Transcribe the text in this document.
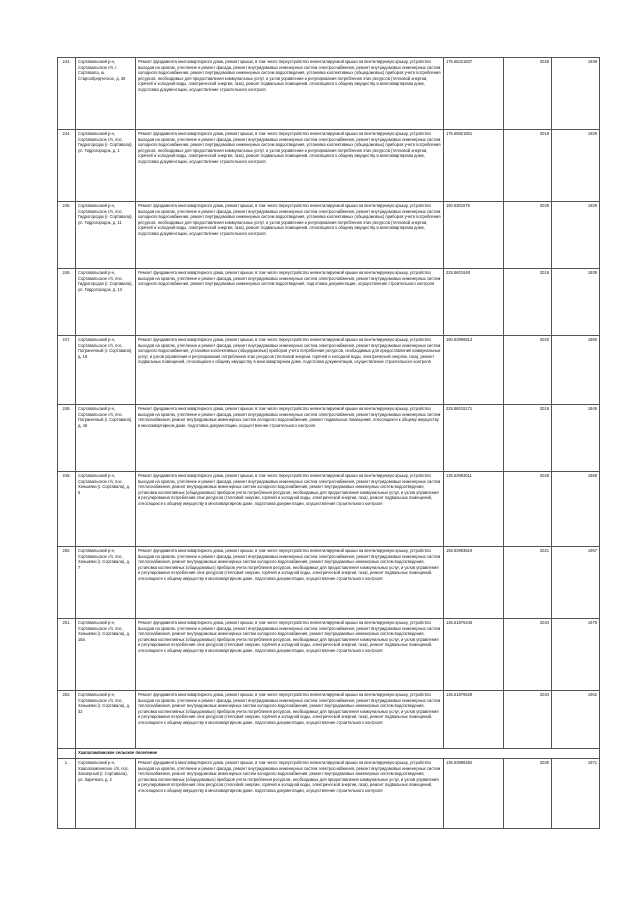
243.	Сортавальский р-н, Сортавальское г/п, г. Сортавала, ш. Старообрядческое, д. 36	Ремонт фундамента многоквартирного дома, ремонт крыши, в том числе переустройство невентилируемой крыши на вентилируемую крышу, устройство выходов на кровлю, утепление и ремонт фасада, ремонт внутридомовых инженерных систем электроснабжения, ремонт внутридомовых инженерных систем холодного водоснабжения, ремонт внутридомовых инженерных систем водоотведения, установка коллективных (общедомовых) приборов учета потребления ресурсов, необходимых для предоставления коммунальных услуг, и узлов управления и регулирования потребления этих ресурсов (тепловой энергии, горячей и холодной воды, электрической энергии, газа), ремонт подвальных помещений, относящихся к общему имуществу в многоквартирном доме, подготовка документации, осуществление строительного контроля	175.55421837	2028	1939
244.	Сортавальский р-н, Сортавальское г/п, пос. Гидрогородок (г. Сортавала), ул. Гидрогородок, д. 1	Ремонт фундамента многоквартирного дома, ремонт крыши, в том числе переустройство невентилируемой крыши на вентилируемую крышу, устройство выходов на кровлю, утепление и ремонт фасада, ремонт внутридомовых инженерных систем электроснабжения, ремонт внутридомовых инженерных систем холодного водоснабжения, ремонт внутридомовых инженерных систем водоотведения, установка коллективных (общедомовых) приборов учета потребления ресурсов, необходимых для предоставления коммунальных услуг, и узлов управления и регулирования потребления этих ресурсов (тепловой энергии, горячей и холодной воды, электрической энергии, газа), ремонт подвальных помещений, относящихся к общему имуществу в многоквартирном доме, подготовка документации, осуществление строительного контроля	175.55921801	2018	1939
245.	Сортавальский р-н, Сортавальское г/п, пос. Гидрогородок (г. Сортавала), ул. Гидрогородок, д. 11	Ремонт фундамента многоквартирного дома, ремонт крыши, в том числе переустройство невентилируемой крыши на вентилируемую крышу, устройство выходов на кровлю, утепление и ремонт фасада, ремонт внутридомовых инженерных систем электроснабжения, ремонт внутридомовых инженерных систем холодного водоснабжения, ремонт внутридомовых инженерных систем водоотведения, установка коллективных (общедомовых) приборов учета потребления ресурсов, необходимых для предоставления коммунальных услуг, и узлов управления и регулирования потребления этих ресурсов (тепловой энергии, горячей и холодной воды, электрической энергии, газа), ремонт подвальных помещений, относящихся к общему имуществу в многоквартирном доме, подготовка документации, осуществление строительного контроля	150.5301875	2028	1939
246.	Сортавальский р-н, Сортавальское г/п, пос. Гидрогородок (г. Сортавала), ул. Гидрогородок, д. 13	Ремонт фундамента многоквартирного дома, ремонт крыши, в том числе переустройство невентилируемой крыши на вентилируемую крышу, устройство выходов на кровлю, утепление и ремонт фасада, ремонт внутридомовых инженерных систем электроснабжения, ремонт внутридомовых инженерных систем холодного водоснабжения, ремонт внутридомовых инженерных систем водоотведения, подготовка документации, осуществление строительного контроля	225.5601648	2018	1939
247.	Сортавальский р-н, Сортавальское г/п, пос. Пограничный (г. Сортавала), д. 18	Ремонт фундамента многоквартирного дома, ремонт крыши, в том числе переустройство невентилируемой крыши на вентилируемую крышу, устройство выходов на кровлю, утепление и ремонт фасада, ремонт внутридомовых инженерных систем электроснабжения, ремонт внутридомовых инженерных систем холодного водоснабжения, установка коллективных (общедомовых) приборов учета потребления ресурсов, необходимых для предоставления коммунальных услуг, и узлов управления и регулирования потребления этих ресурсов (тепловой энергии, горячей и холодной воды, электрической энергии, газа), ремонт подвальных помещений, относящихся к общему имуществу в многоквартирном доме, подготовка документации, осуществление строительного контроля	190.53906813	2020	1980
248.	Сортавальский р-н, Сортавальское г/п, пос. Пограничный (г. Сортавала), д. 46	Ремонт фундамента многоквартирного дома, ремонт крыши, в том числе переустройство невентилируемой крыши на вентилируемую крышу, устройство выходов на кровлю, утепление и ремонт фасада, ремонт внутридомовых инженерных систем электроснабжения, ремонт внутридомовых инженерных систем теплоснабжения, ремонт внутридомовых инженерных систем холодного водоснабжения, ремонт подвальных помещений, относящихся к общему имуществу в многоквартирном доме, подготовка документации, осуществление строительного контроля	225.56015171	2018	1945
249.	Сортавальский р-н, Сортавальское г/п, пос. Хеньмяки (г. Сортавала), д. 5	Ремонт фундамента многоквартирного дома, ремонт крыши, в том числе переустройство невентилируемой крыши на вентилируемую крышу, устройство выходов на кровлю, утепление и ремонт фасада, ремонт внутридомовых инженерных систем электроснабжения, ремонт внутридомовых инженерных систем теплоснабжения, ремонт внутридомовых инженерных систем холодного водоснабжения, ремонт внутридомовых инженерных систем водоотведения, установка коллективных (общедомовых) приборов учета потребления ресурсов, необходимых для предоставления коммунальных услуг, и узлов управления и регулирования потребления этих ресурсов (тепловой энергии, горячей и холодной воды, электрической энергии, газа), ремонт подвальных помещений, относящихся к общему имуществу в многоквартирном доме, подготовка документации, осуществление строительного контроля	135.53993011	2028	1968
250.	Сортавальский р-н, Сортавальское г/п, пос. Хеньмяки (г. Сортавала), д. 7	Ремонт фундамента многоквартирного дома, ремонт крыши, в том числе переустройство невентилируемой крыши на вентилируемую крышу, устройство выходов на кровлю, утепление и ремонт фасада, ремонт внутридомовых инженерных систем электроснабжения, ремонт внутридомовых инженерных систем теплоснабжения, ремонт внутридомовых инженерных систем холодного водоснабжения, ремонт внутридомовых инженерных систем водоотведения, установка коллективных (общедомовых) приборов учета потребления ресурсов, необходимых для предоставления коммунальных услуг, и узлов управления и регулирования потребления этих ресурсов (тепловой энергии, горячей и холодной воды, электрической энергии, газа), ремонт подвальных помещений, относящихся к общему имуществу в многоквартирном доме, подготовка документации, осуществление строительного контроля	155.53993819	2021	1957
251.	Сортавальский р-н, Сортавальское г/п, пос. Хеньмяки (г. Сортавала), д. 18а	Ремонт фундамента многоквартирного дома, ремонт крыши, в том числе переустройство невентилируемой крыши на вентилируемую крышу, устройство выходов на кровлю, утепление и ремонт фасада, ремонт внутридомовых инженерных систем электроснабжения, ремонт внутридомовых инженерных систем теплоснабжения, ремонт внутридомовых инженерных систем холодного водоснабжения, ремонт внутридомовых инженерных систем водоотведения, установка коллективных (общедомовых) приборов учета потребления ресурсов, необходимых для предоставления коммунальных услуг, и узлов управления и регулирования потребления этих ресурсов (тепловой энергии, горячей и холодной воды, электрической энергии, газа), ремонт подвальных помещений, относящихся к общему имуществу в многоквартирном доме, подготовка документации, осуществление строительного контроля	135.51876445	2034	1979
252.	Сортавальский р-н, Сортавальское г/п, пос. Хеньмяки (г. Сортавала), д. 32	Ремонт фундамента многоквартирного дома, ремонт крыши, в том числе переустройство невентилируемой крыши на вентилируемую крышу, устройство выходов на кровлю, утепление и ремонт фасада, ремонт внутридомовых инженерных систем электроснабжения, ремонт внутридомовых инженерных систем теплоснабжения, ремонт внутридомовых инженерных систем холодного водоснабжения, ремонт внутридомовых инженерных систем водоотведения, установка коллективных (общедомовых) приборов учета потребления ресурсов, необходимых для предоставления коммунальных услуг, и узлов управления и регулирования потребления этих ресурсов (тепловой энергии, горячей и холодной воды, электрической энергии, газа), ремонт подвальных помещений, относящихся к общему имуществу в многоквартирном доме, подготовка документации, осуществление строительного контроля	135.51876628	2034	1962
	Хаапалампинское сельское поселение				
1.	Сортавальский р-н, Хаапалампинское с/п, пос. Заозерный (г. Сортавала), ул. Заречная, д. 2	Ремонт фундамента многоквартирного дома, ремонт крыши, в том числе переустройство невентилируемой крыши на вентилируемую крышу, устройство выходов на кровлю, утепление и ремонт фасада, ремонт внутридомовых инженерных систем электроснабжения, ремонт внутридомовых инженерных систем теплоснабжения, ремонт внутридомовых инженерных систем холодного водоснабжения, ремонт внутридомовых инженерных систем водоотведения, установка коллективных (общедомовых) приборов учета потребления ресурсов, необходимых для предоставления коммунальных услуг, и узлов управления и регулирования потребления этих ресурсов (тепловой энергии, горячей и холодной воды, электрической энергии, газа), ремонт подвальных помещений, относящихся к общему имуществу в многоквартирном доме, подготовка документации, осуществление строительного контроля	135.53998482	2030	1971
